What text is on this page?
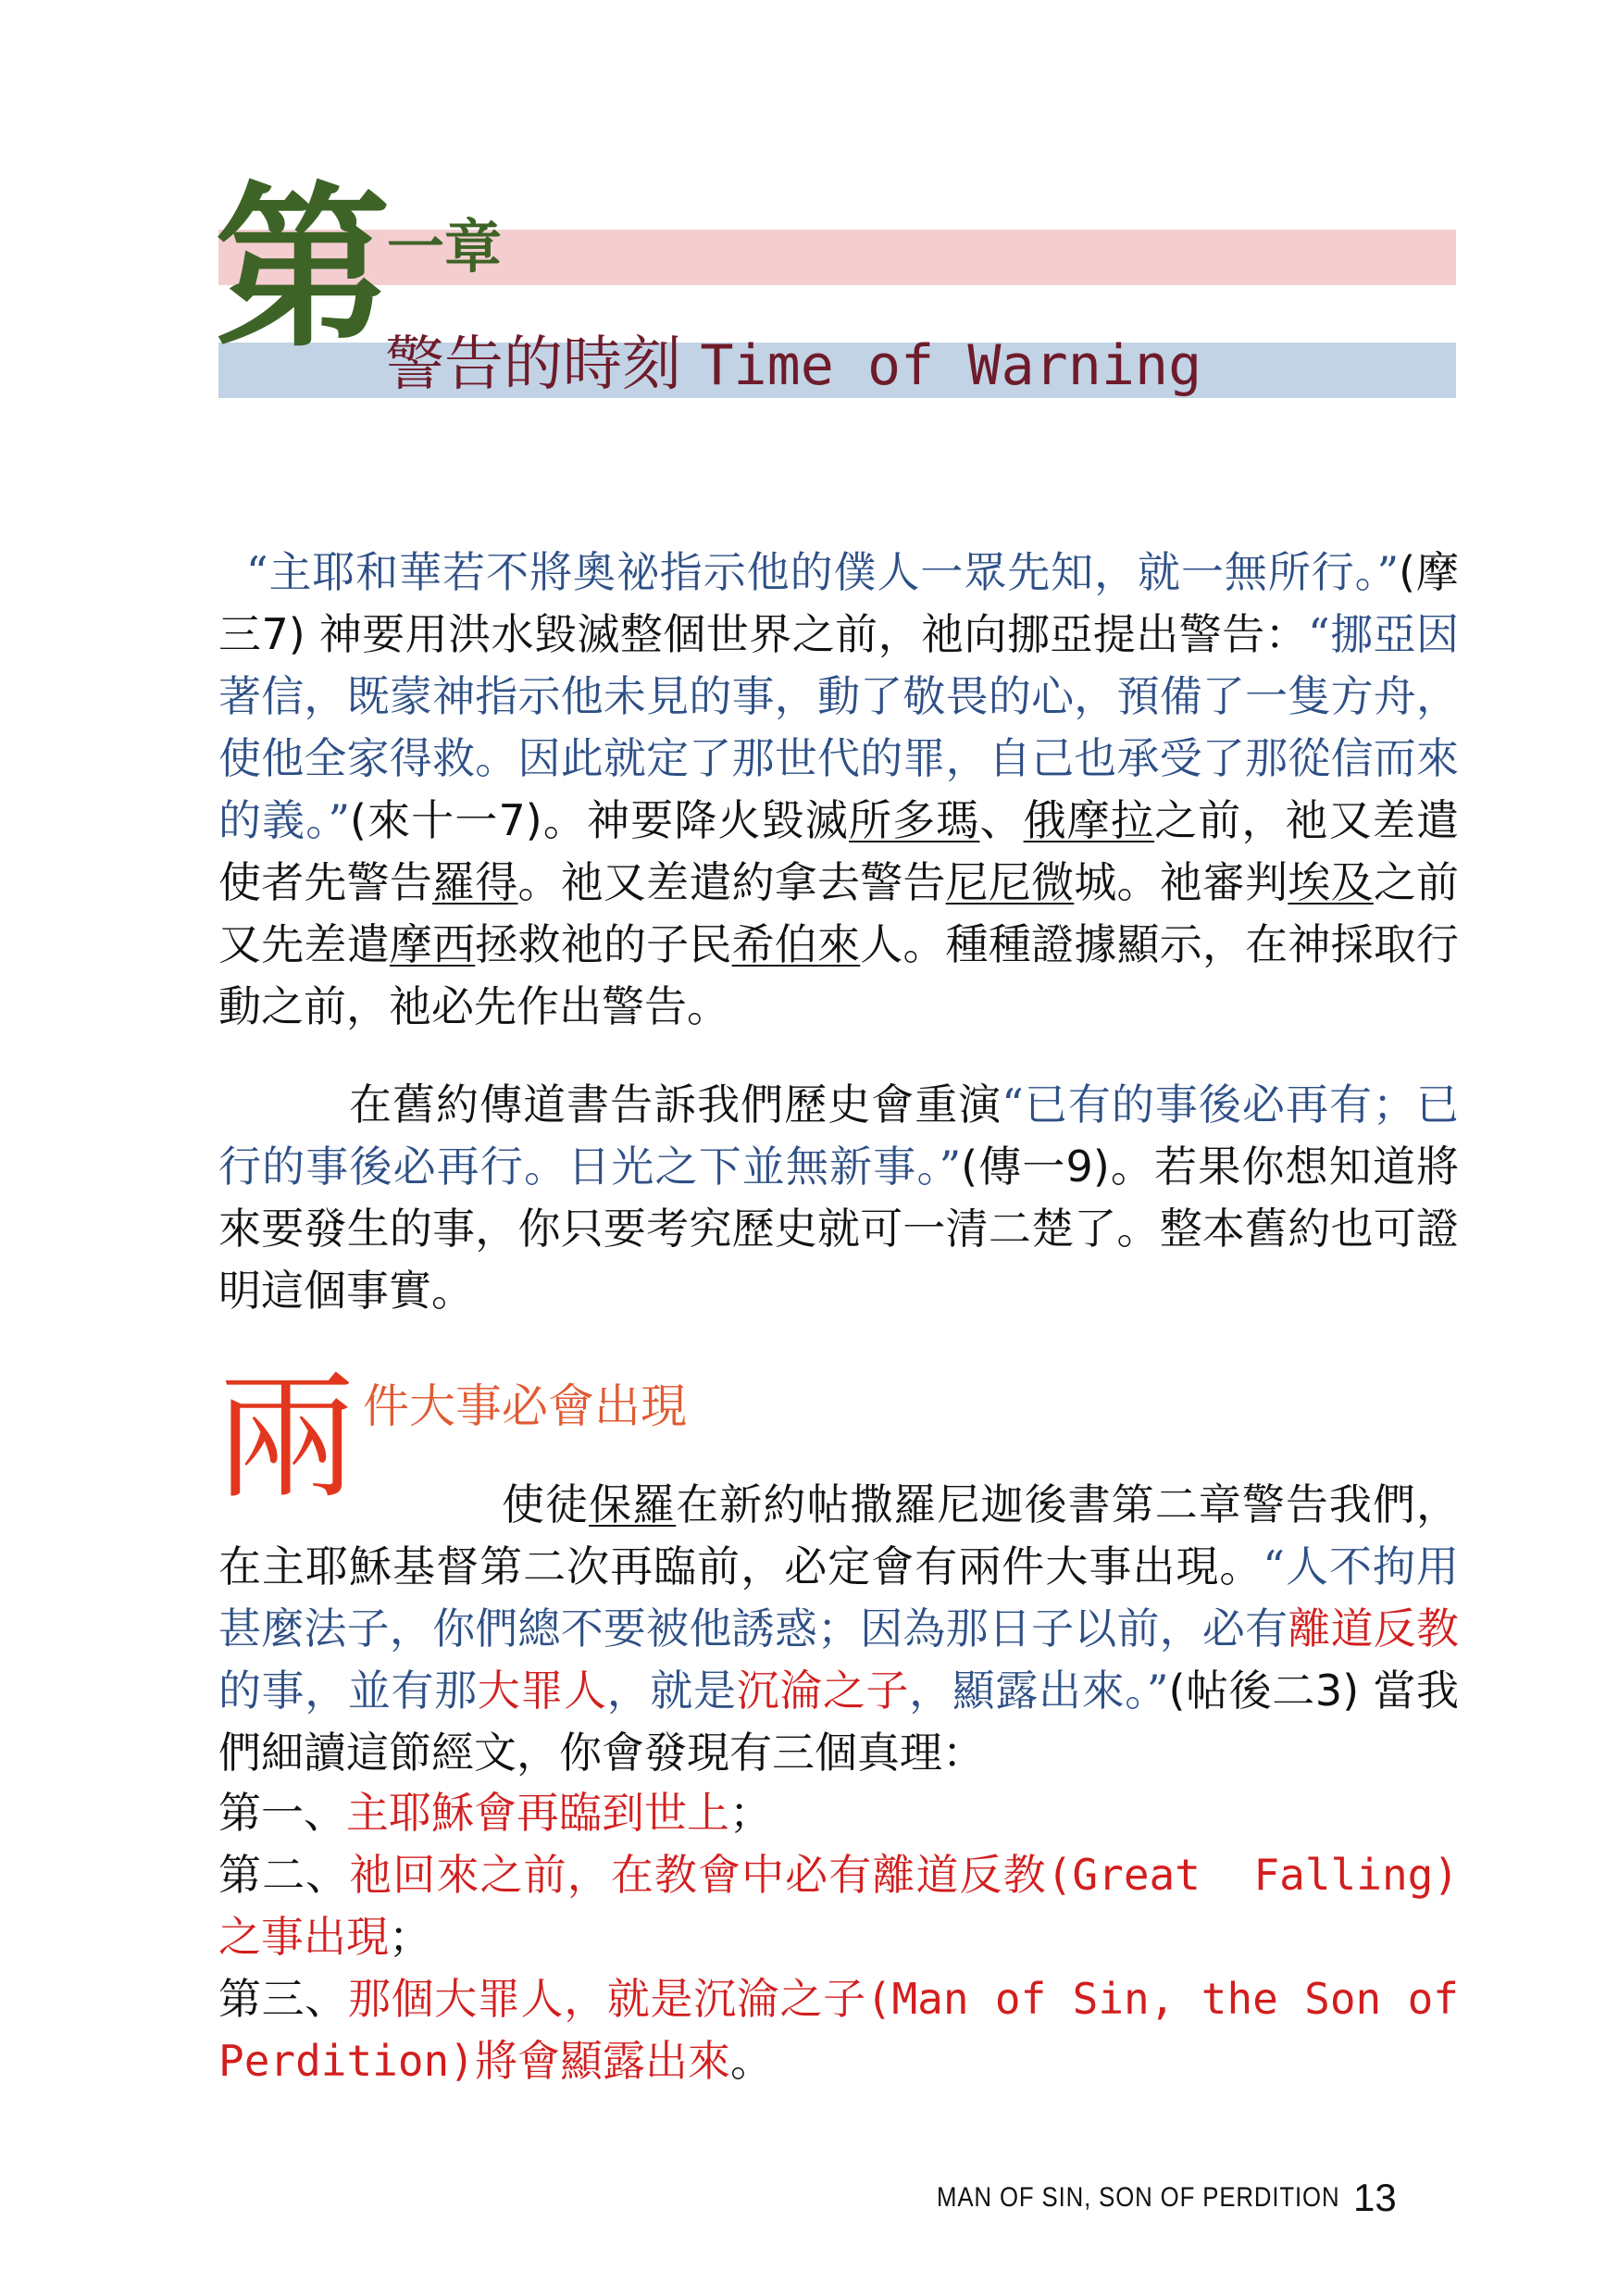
第
一章
警告的時刻 Time of Warning
“主耶和華若不將奧祕指示他的僕人一眾先知，就一無所行。”(摩三7) 神要用洪水毀滅整個世界之前，祂向挪亞提出警告：“挪亞因著信，既蒙神指示他未見的事，動了敬畏的心，預備了一隻方舟，使他全家得救。因此就定了那世代的罪，自己也承受了那從信而來的義。”(來十一7)。神要降火毀滅所多瑪、俄摩拉之前，祂又差遣使者先警告羅得。祂又差遣約拿去警告尼尼微城。祂審判埃及之前又先差遣摩西拯救祂的子民希伯來人。種種證據顯示，在神採取行動之前，祂必先作出警告。
在舊約傳道書告訴我們歷史會重演“已有的事後必再有；已行的事後必再行。日光之下並無新事。”(傳一9)。若果你想知道將來要發生的事，你只要考究歷史就可一清二楚了。整本舊約也可證明這個事實。
兩 件大事必會出現
使徒保羅在新約帖撒羅尼迦後書第二章警告我們，在主耶穌基督第二次再臨前，必定會有兩件大事出現。“人不拘用甚麼法子，你們總不要被他誘惑；因為那日子以前，必有離道反教的事，並有那大罪人，就是沉淪之子，顯露出來。”(帖後二3) 當我們細讀這節經文，你會發現有三個真理：
第一、主耶穌會再臨到世上；
第二、祂回來之前，在教會中必有離道反教(Great  Falling)之事出現；
第三、那個大罪人，就是沉淪之子(Man of Sin, the Son of Perdition)將會顯露出來。
MAN OF SIN, SON OF PERDITION 13
